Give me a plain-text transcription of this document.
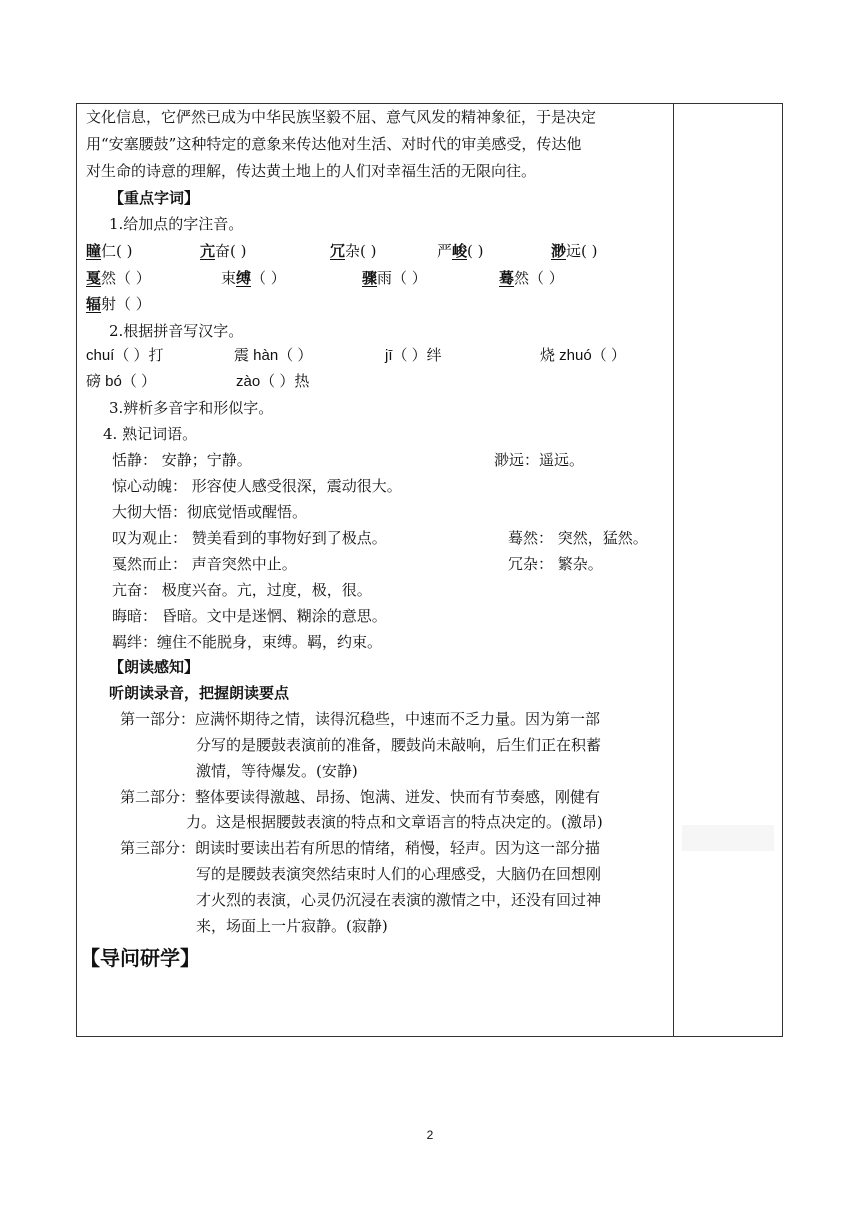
文化信息，它俨然已成为中华民族坚毅不屈、意气风发的精神象征，于是决定
用“安塞腰鼓”这种特定的意象来传达他对生活、对时代的审美感受，传达他
对生命的诗意的理解，传达黄土地上的人们对幸福生活的无限向往。
【重点字词】
1.给加点的字注音。
瞳仁( )	亢奋( )	冗杂( )	严峻( )	渺远( )
戛然（ ）	束缚（ ）	骤雨（ ）	蓦然（ ）
辐射（ ）
2.根据拼音写汉字。
chuí（ ）打	震 hàn（ ）	jī（ ）绊	烧 zhuó（ ）
磅 bó（ ）	zào（ ）热
3.辨析多音字和形似字。
4. 熟记词语。
恬静： 安静；宁静。	渺远：遥远。
惊心动魄： 形容使人感受很深，震动很大。
大彻大悟：彻底觉悟或醒悟。
叹为观止： 赞美看到的事物好到了极点。	蓦然： 突然，猛然。
戛然而止： 声音突然中止。	冗杂： 繁杂。
亢奋： 极度兴奋。亢，过度，极，很。
晦暗： 昏暗。文中是迷惘、糊涂的意思。
羁绊：缠住不能脱身，束缚。羁，约束。
【朗读感知】
听朗读录音，把握朗读要点
第一部分：应满怀期待之情，读得沉稳些，中速而不乏力量。因为第一部
分写的是腰鼓表演前的准备，腰鼓尚未敲响，后生们正在积蓄
激情，等待爆发。(安静)
第二部分：整体要读得激越、昂扬、饱满、迸发、快而有节奏感，刚健有
力。这是根据腰鼓表演的特点和文章语言的特点决定的。(激昂)
第三部分：朗读时要读出若有所思的情绪，稍慢，轻声。因为这一部分描
写的是腰鼓表演突然结束时人们的心理感受，大脑仍在回想刚
才火烈的表演，心灵仍沉浸在表演的激情之中，还没有回过神
来，场面上一片寂静。(寂静)
【导问研学】
2
